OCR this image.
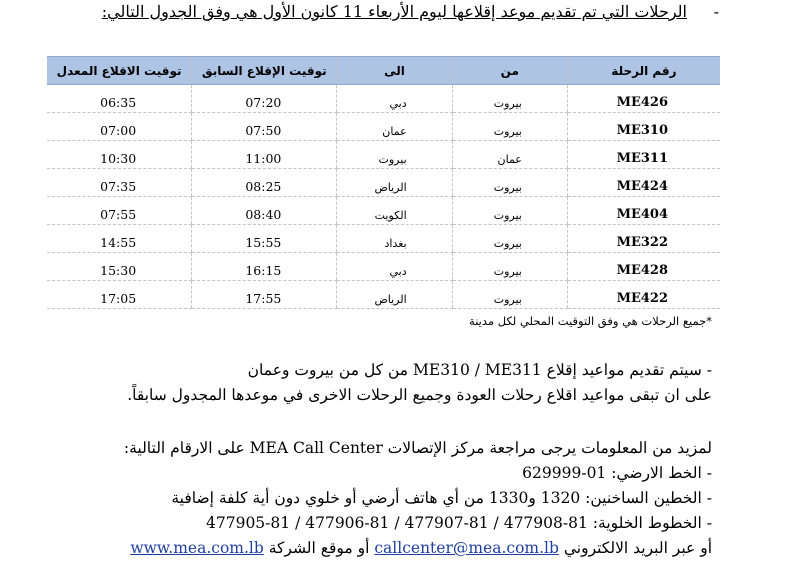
-
الرحلات التي تم تقديم موعد إقلاعها ليوم الأربعاء 11 كانون الأول هي وفق الجدول التالي:
توقيت الاقلاع المعدل	توقيت الإقلاع السابق	الى	من	رقم الرحلة

06:35	07:20	دبي	بيروت	ME426

07:00	07:50	عمان	بيروت	ME310

10:30	11:00	بيروت	عمان	ME311

07:35	08:25	الرياض	بيروت	ME424

07:55	08:40	الكويت	بيروت	ME404

14:55	15:55	بغداد	بيروت	ME322

15:30	16:15	دبي	بيروت	ME428

17:05	17:55	الرياض	بيروت	ME422
*جميع الرحلات هي وفق التوقيت المحلي لكل مدينة
- سيتم تقديم مواعيد إقلاع ME310 / ME311 من كل من بيروت وعمان
على ان تبقى مواعيد اقلاع رحلات العودة وجميع الرحلات الاخرى في موعدها المجدول سابقاً.
لمزيد من المعلومات يرجى مراجعة مركز الإتصالات MEA Call Center على الارقام التالية:
- الخط الارضي: 01-629999
- الخطين الساخنين: 1320 و1330 من أي هاتف أرضي أو خلوي دون أية كلفة إضافية
- الخطوط الخلوية: 81-477908 / 81-477907 / 81-477906 / 81-477905
أو عبر البريد الالكتروني callcenter@mea.com.lb أو موقع الشركة www.mea.com.lb
